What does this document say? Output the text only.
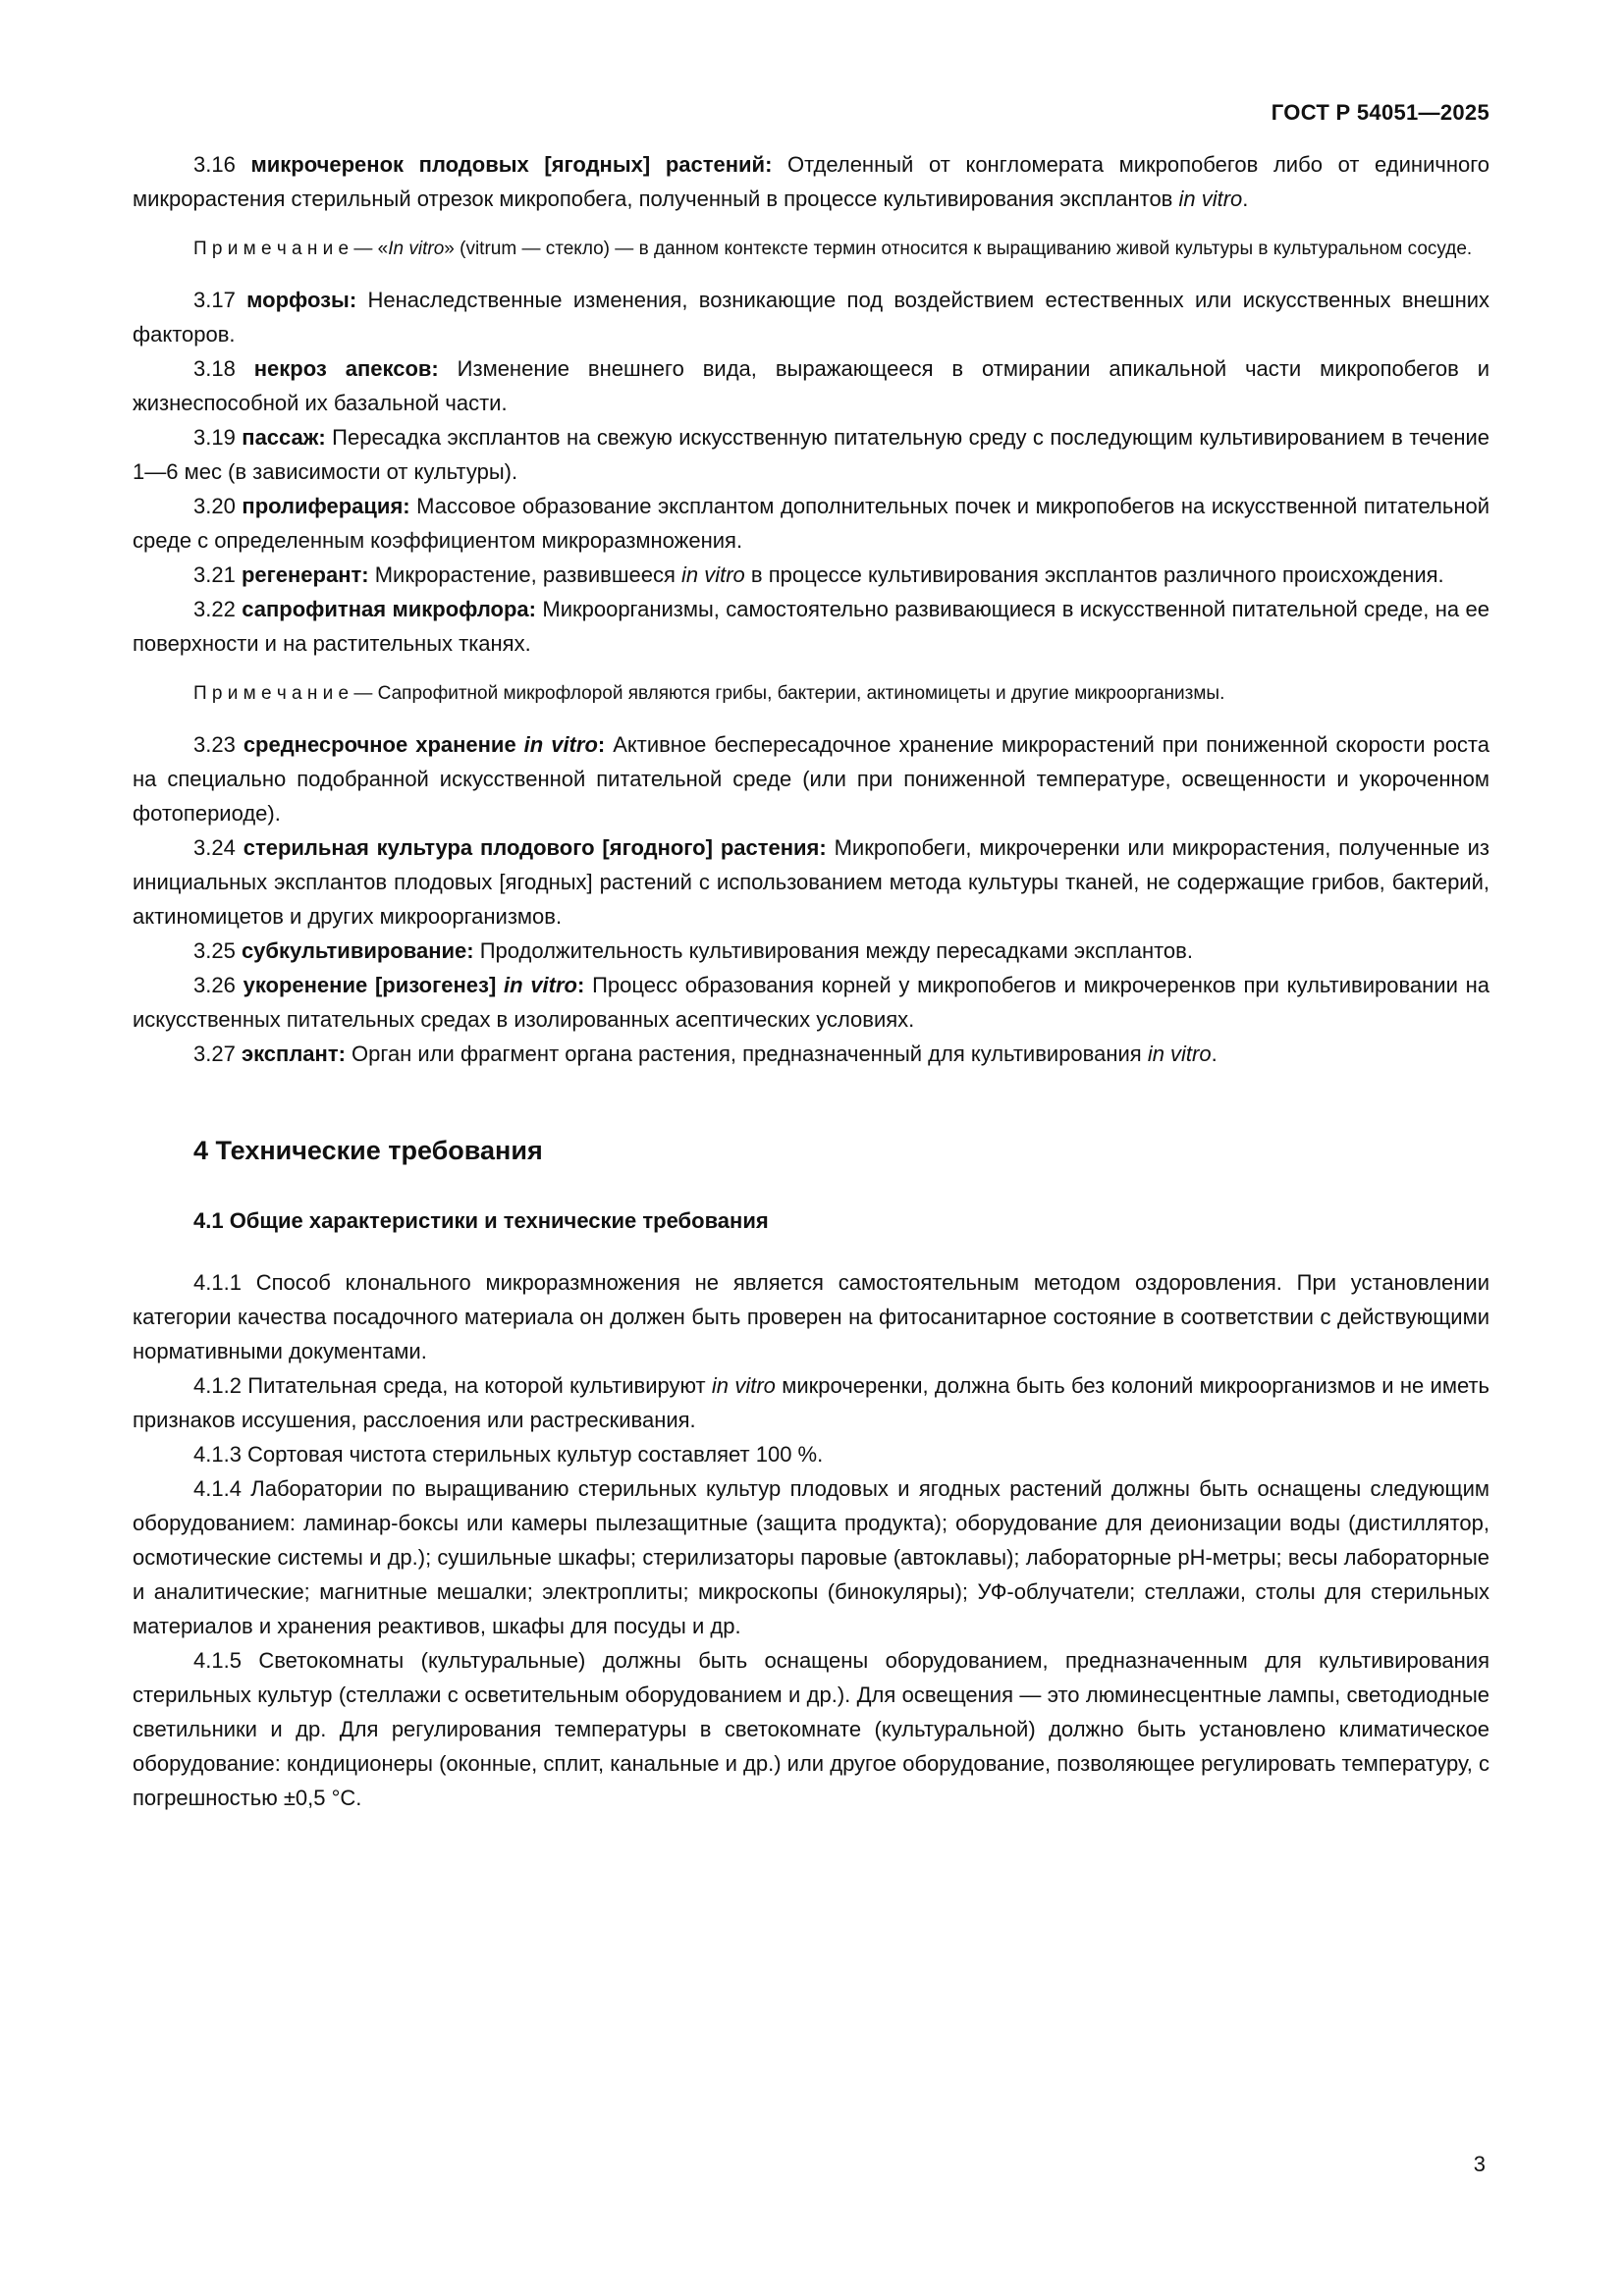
ГОСТ Р 54051—2025

3.16 микрочеренок плодовых [ягодных] растений: Отделенный от конгломерата микропобегов либо от единичного микрорастения стерильный отрезок микропобега, полученный в процессе культивирования эксплантов in vitro.

П р и м е ч а н и е — «In vitro» (vitrum — стекло) — в данном контексте термин относится к выращиванию живой культуры в культуральном сосуде.

3.17 морфозы: Ненаследственные изменения, возникающие под воздействием естественных или искусственных внешних факторов.

3.18 некроз апексов: Изменение внешнего вида, выражающееся в отмирании апикальной части микропобегов и жизнеспособной их базальной части.

3.19 пассаж: Пересадка эксплантов на свежую искусственную питательную среду с последующим культивированием в течение 1—6 мес (в зависимости от культуры).

3.20 пролиферация: Массовое образование эксплантом дополнительных почек и микропобегов на искусственной питательной среде с определенным коэффициентом микроразмножения.

3.21 регенерант: Микрорастение, развившееся in vitro в процессе культивирования эксплантов различного происхождения.

3.22 сапрофитная микрофлора: Микроорганизмы, самостоятельно развивающиеся в искусственной питательной среде, на ее поверхности и на растительных тканях.

П р и м е ч а н и е — Сапрофитной микрофлорой являются грибы, бактерии, актиномицеты и другие микроорганизмы.

3.23 среднесрочное хранение in vitro: Активное беспересадочное хранение микрорастений при пониженной скорости роста на специально подобранной искусственной питательной среде (или при пониженной температуре, освещенности и укороченном фотопериоде).

3.24 стерильная культура плодового [ягодного] растения: Микропобеги, микрочеренки или микрорастения, полученные из инициальных эксплантов плодовых [ягодных] растений с использованием метода культуры тканей, не содержащие грибов, бактерий, актиномицетов и других микроорганизмов.

3.25 субкультивирование: Продолжительность культивирования между пересадками эксплантов.

3.26 укоренение [ризогенез] in vitro: Процесс образования корней у микропобегов и микрочеренков при культивировании на искусственных питательных средах в изолированных асептических условиях.

3.27 эксплант: Орган или фрагмент органа растения, предназначенный для культивирования in vitro.

4 Технические требования

4.1 Общие характеристики и технические требования

4.1.1 Способ клонального микроразмножения не является самостоятельным методом оздоровления. При установлении категории качества посадочного материала он должен быть проверен на фитосанитарное состояние в соответствии с действующими нормативными документами.

4.1.2 Питательная среда, на которой культивируют in vitro микрочеренки, должна быть без колоний микроорганизмов и не иметь признаков иссушения, расслоения или растрескивания.

4.1.3 Сортовая чистота стерильных культур составляет 100 %.

4.1.4 Лаборатории по выращиванию стерильных культур плодовых и ягодных растений должны быть оснащены следующим оборудованием: ламинар-боксы или камеры пылезащитные (защита продукта); оборудование для деионизации воды (дистиллятор, осмотические системы и др.); сушильные шкафы; стерилизаторы паровые (автоклавы); лабораторные pH-метры; весы лабораторные и аналитические; магнитные мешалки; электроплиты; микроскопы (бинокуляры); УФ-облучатели; стеллажи, столы для стерильных материалов и хранения реактивов, шкафы для посуды и др.

4.1.5 Светокомнаты (культуральные) должны быть оснащены оборудованием, предназначенным для культивирования стерильных культур (стеллажи с осветительным оборудованием и др.). Для освещения — это люминесцентные лампы, светодиодные светильники и др. Для регулирования температуры в светокомнате (культуральной) должно быть установлено климатическое оборудование: кондиционеры (оконные, сплит, канальные и др.) или другое оборудование, позволяющее регулировать температуру, с погрешностью ±0,5 °С.

3
